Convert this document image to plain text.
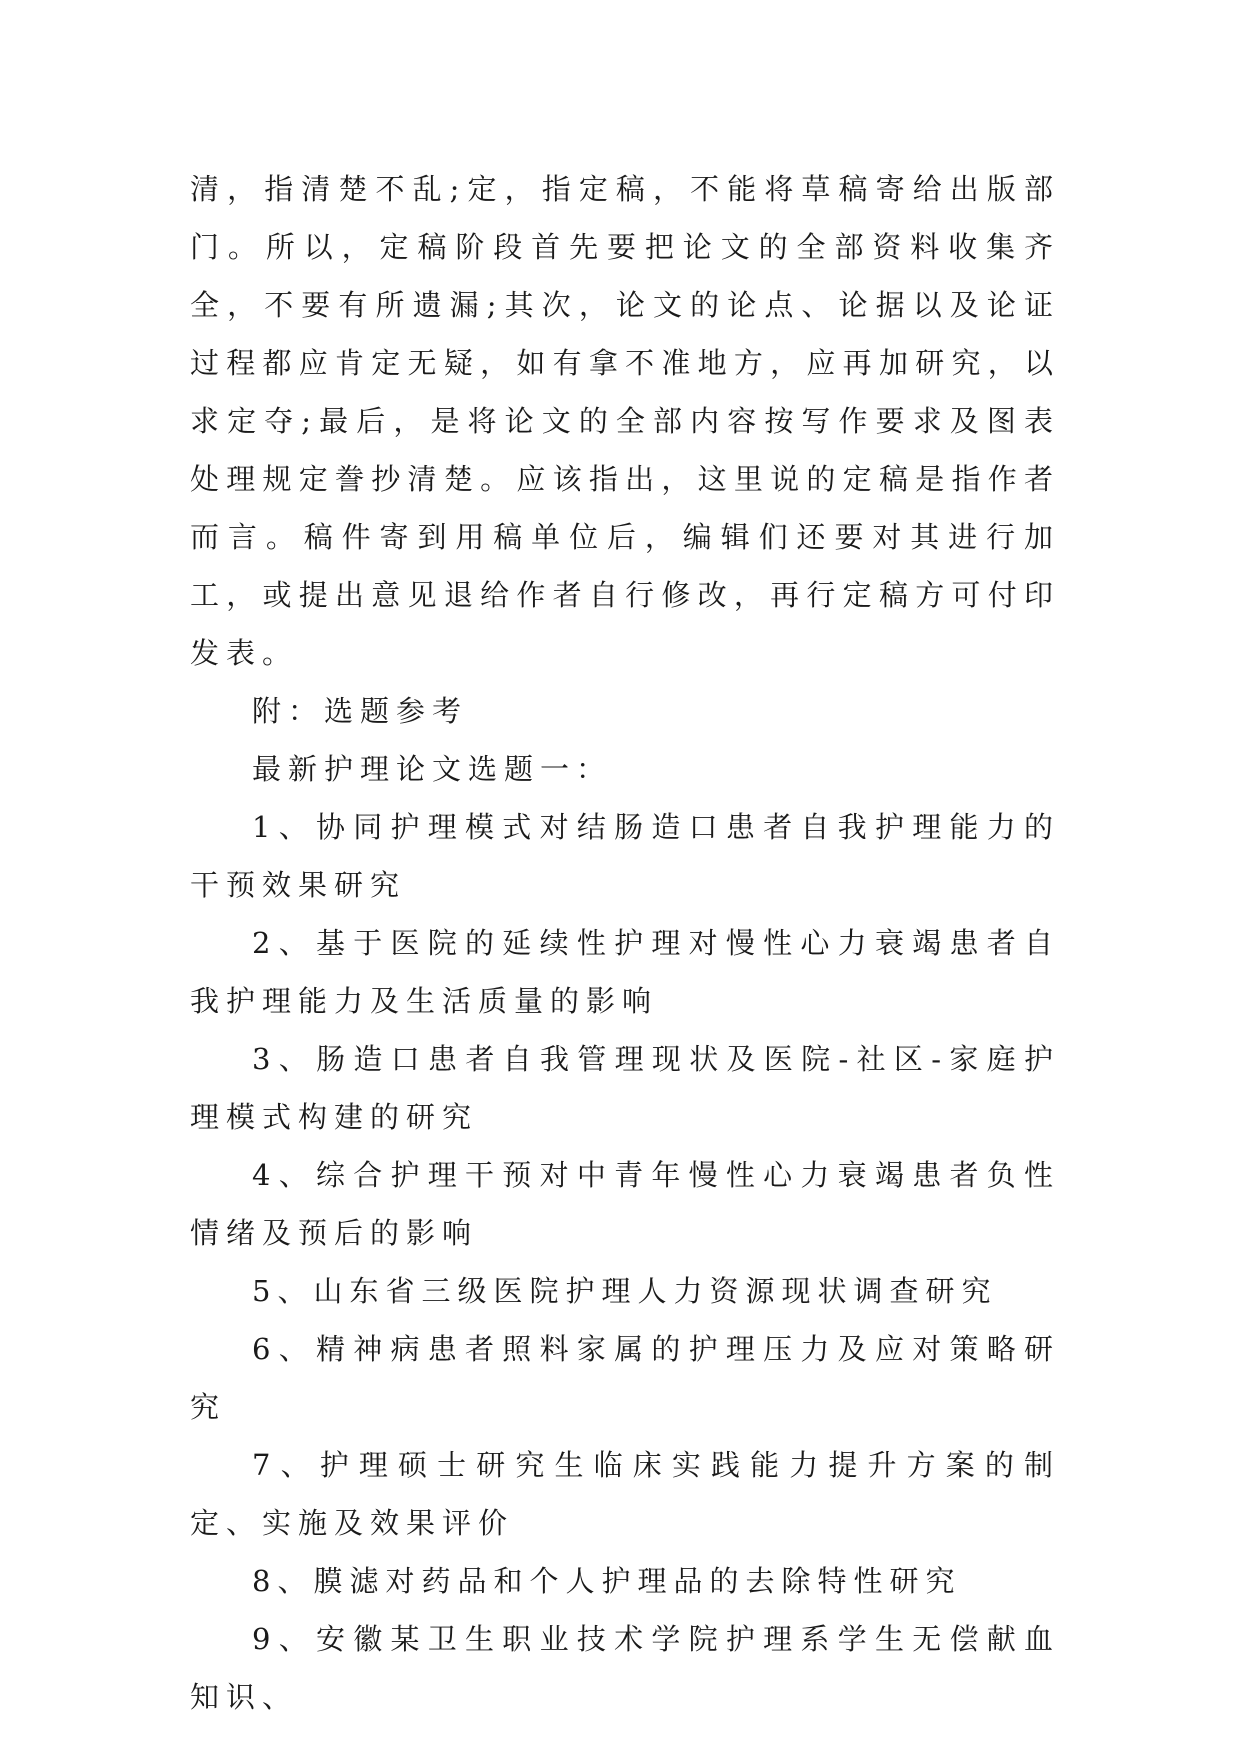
清，指清楚不乱;定，指定稿，不能将草稿寄给出版部门。所以，定稿阶段首先要把论文的全部资料收集齐全，不要有所遗漏;其次，论文的论点、论据以及论证过程都应肯定无疑，如有拿不准地方，应再加研究，以求定夺;最后，是将论文的全部内容按写作要求及图表处理规定誊抄清楚。应该指出，这里说的定稿是指作者而言。稿件寄到用稿单位后，编辑们还要对其进行加工，或提出意见退给作者自行修改，再行定稿方可付印发表。

附：选题参考

最新护理论文选题一：

1、协同护理模式对结肠造口患者自我护理能力的干预效果研究

2、基于医院的延续性护理对慢性心力衰竭患者自我护理能力及生活质量的影响

3、肠造口患者自我管理现状及医院-社区-家庭护理模式构建的研究

4、综合护理干预对中青年慢性心力衰竭患者负性情绪及预后的影响

5、山东省三级医院护理人力资源现状调查研究

6、精神病患者照料家属的护理压力及应对策略研究

7、护理硕士研究生临床实践能力提升方案的制定、实施及效果评价

8、膜滤对药品和个人护理品的去除特性研究

9、安徽某卫生职业技术学院护理系学生无偿献血知识、
